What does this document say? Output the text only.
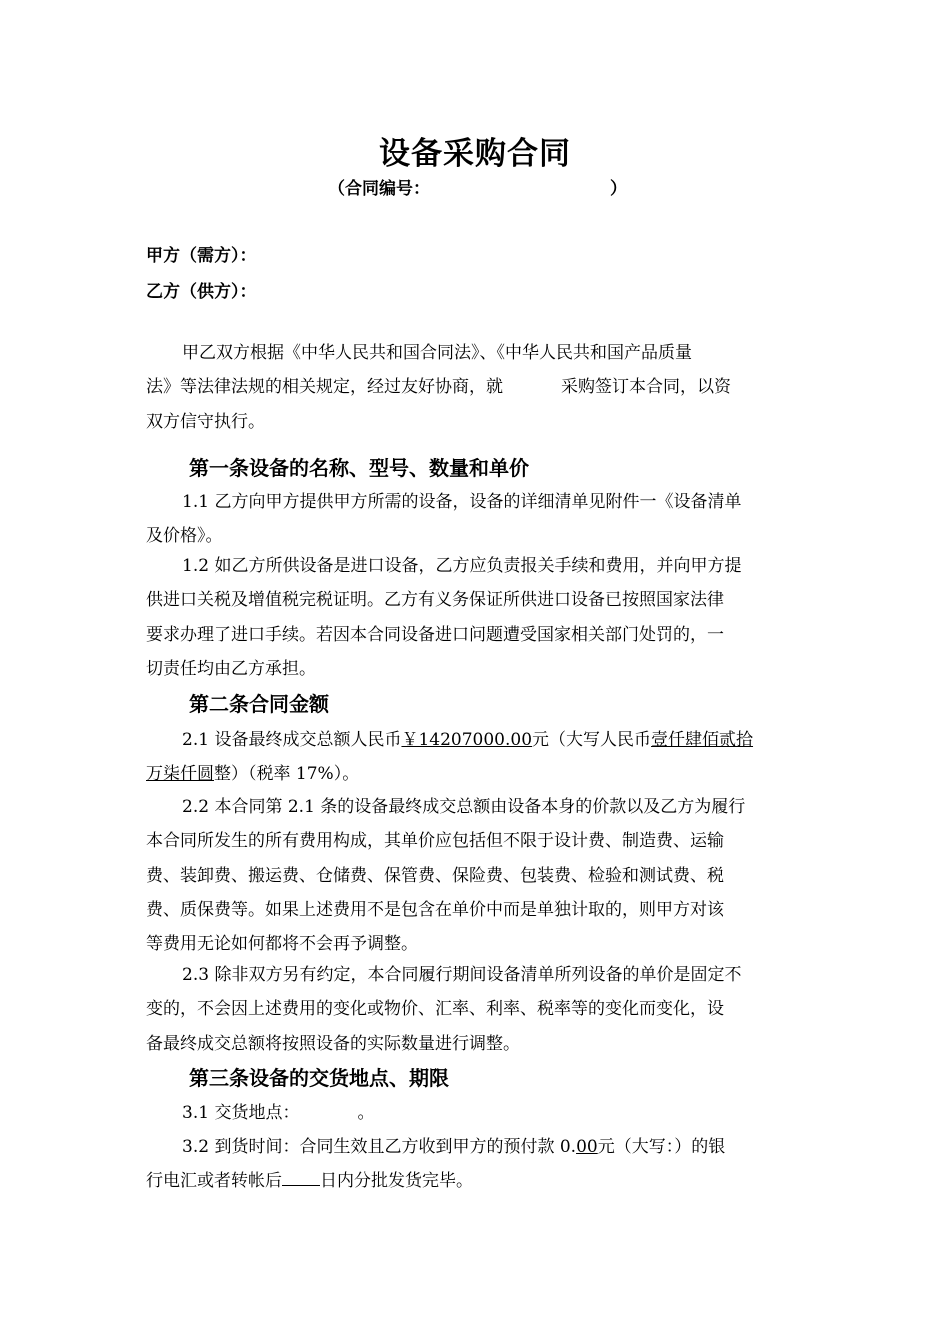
设备采购合同
（合同编号：	）
甲方（需方）：
乙方（供方）：
甲乙双方根据《中华人民共和国合同法》、《中华人民共和国产品质量
法》等法律法规的相关规定，经过友好协商，就	采购签订本合同，以资
双方信守执行。
第一条设备的名称、型号、数量和单价
1.1 乙方向甲方提供甲方所需的设备，设备的详细清单见附件一《设备清单
及价格》。
1.2 如乙方所供设备是进口设备，乙方应负责报关手续和费用，并向甲方提
供进口关税及增值税完税证明。乙方有义务保证所供进口设备已按照国家法律
要求办理了进口手续。若因本合同设备进口问题遭受国家相关部门处罚的，一
切责任均由乙方承担。
第二条合同金额
2.1 设备最终成交总额人民币￥14207000.00元（大写人民币壹仟肆佰贰拾
万柒仟圆整）（税率 17%）。
2.2 本合同第 2.1 条的设备最终成交总额由设备本身的价款以及乙方为履行
本合同所发生的所有费用构成，其单价应包括但不限于设计费、制造费、运输
费、装卸费、搬运费、仓储费、保管费、保险费、包装费、检验和测试费、税
费、质保费等。如果上述费用不是包含在单价中而是单独计取的，则甲方对该
等费用无论如何都将不会再予调整。
2.3 除非双方另有约定，本合同履行期间设备清单所列设备的单价是固定不
变的，不会因上述费用的变化或物价、汇率、利率、税率等的变化而变化，设
备最终成交总额将按照设备的实际数量进行调整。
第三条设备的交货地点、期限
3.1 交货地点：	。
3.2 到货时间：合同生效且乙方收到甲方的预付款 0.00元（大写：）的银
行电汇或者转帐后 日内分批发货完毕。
